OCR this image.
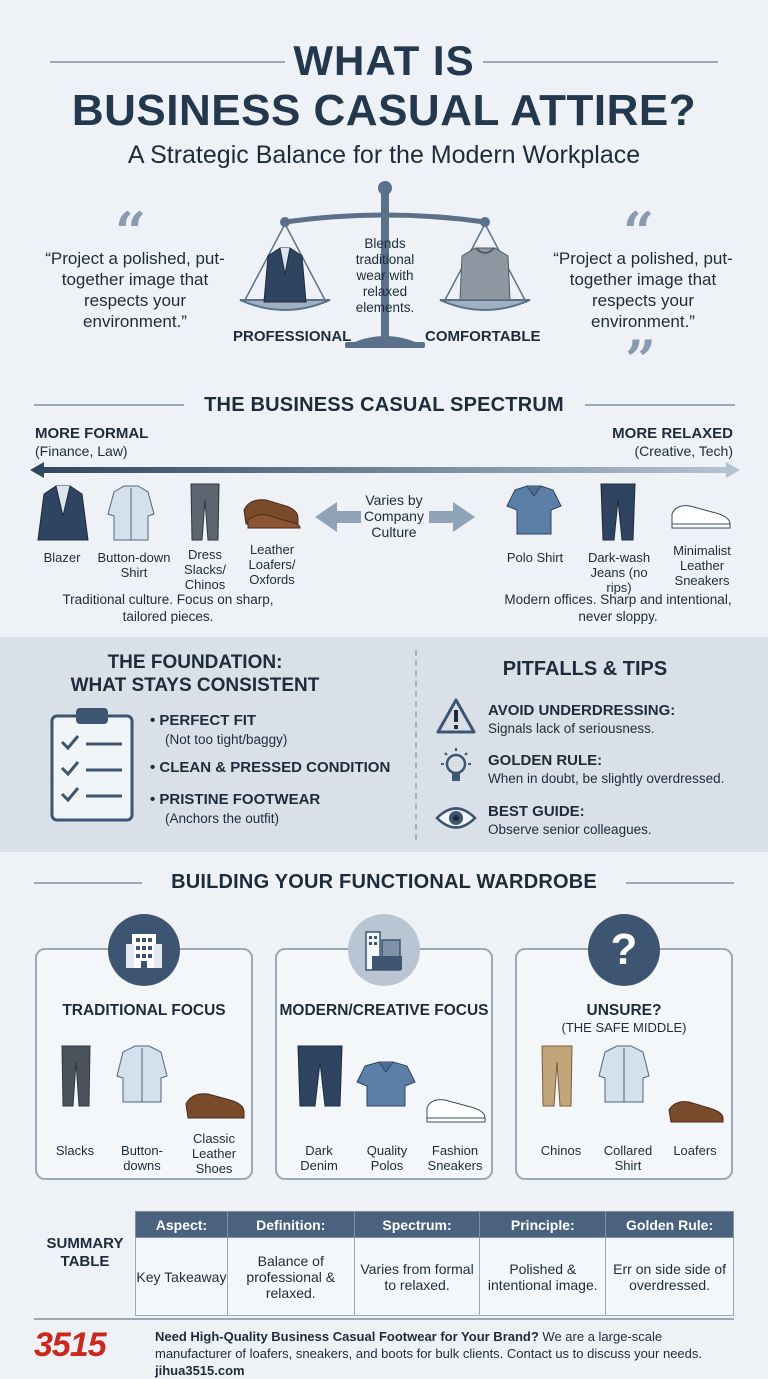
WHAT IS
BUSINESS CASUAL ATTIRE?
A Strategic Balance for the Modern Workplace
“
“Project a polished, put-together image that respects your environment.”
“
“Project a polished, put-together image that respects your environment.”
”
Blends traditional wear with relaxed elements.
PROFESSIONAL	COMFORTABLE
THE BUSINESS CASUAL SPECTRUM
MORE FORMAL
(Finance, Law)
MORE RELAXED
(Creative, Tech)
Blazer	Button-down Shirt
Dress Slacks/ Chinos
Leather Loafers/ Oxfords
Varies by Company Culture
Polo Shirt	Dark-wash Jeans (no rips)
Minimalist Leather Sneakers
Traditional culture. Focus on sharp, tailored pieces.
Modern offices. Sharp and intentional, never sloppy.
THE FOUNDATION:
WHAT STAYS CONSISTENT
• PERFECT FIT
(Not too tight/baggy)
• CLEAN & PRESSED CONDITION
• PRISTINE FOOTWEAR
(Anchors the outfit)
PITFALLS & TIPS
AVOID UNDERDRESSING:
Signals lack of seriousness.
GOLDEN RULE:
When in doubt, be slightly overdressed.
BEST GUIDE:
Observe senior colleagues.
BUILDING YOUR FUNCTIONAL WARDROBE
TRADITIONAL FOCUS
Slacks	Button-downs
Classic Leather Shoes
MODERN/CREATIVE FOCUS
Dark Denim
Quality Polos
Fashion Sneakers
?
UNSURE?
(THE SAFE MIDDLE)
Chinos	Collared Shirt
Loafers
SUMMARY TABLE
Aspect:	Definition:	Spectrum:	Principle:	Golden Rule:
Key Takeaway	Balance of professional & relaxed.	Varies from formal to relaxed.	Polished & intentional image.	Err on side side of overdressed.
3515	Need High-Quality Business Casual Footwear for Your Brand? We are a large-scale manufacturer of loafers, sneakers, and boots for bulk clients. Contact us to discuss your needs. jihua3515.com
